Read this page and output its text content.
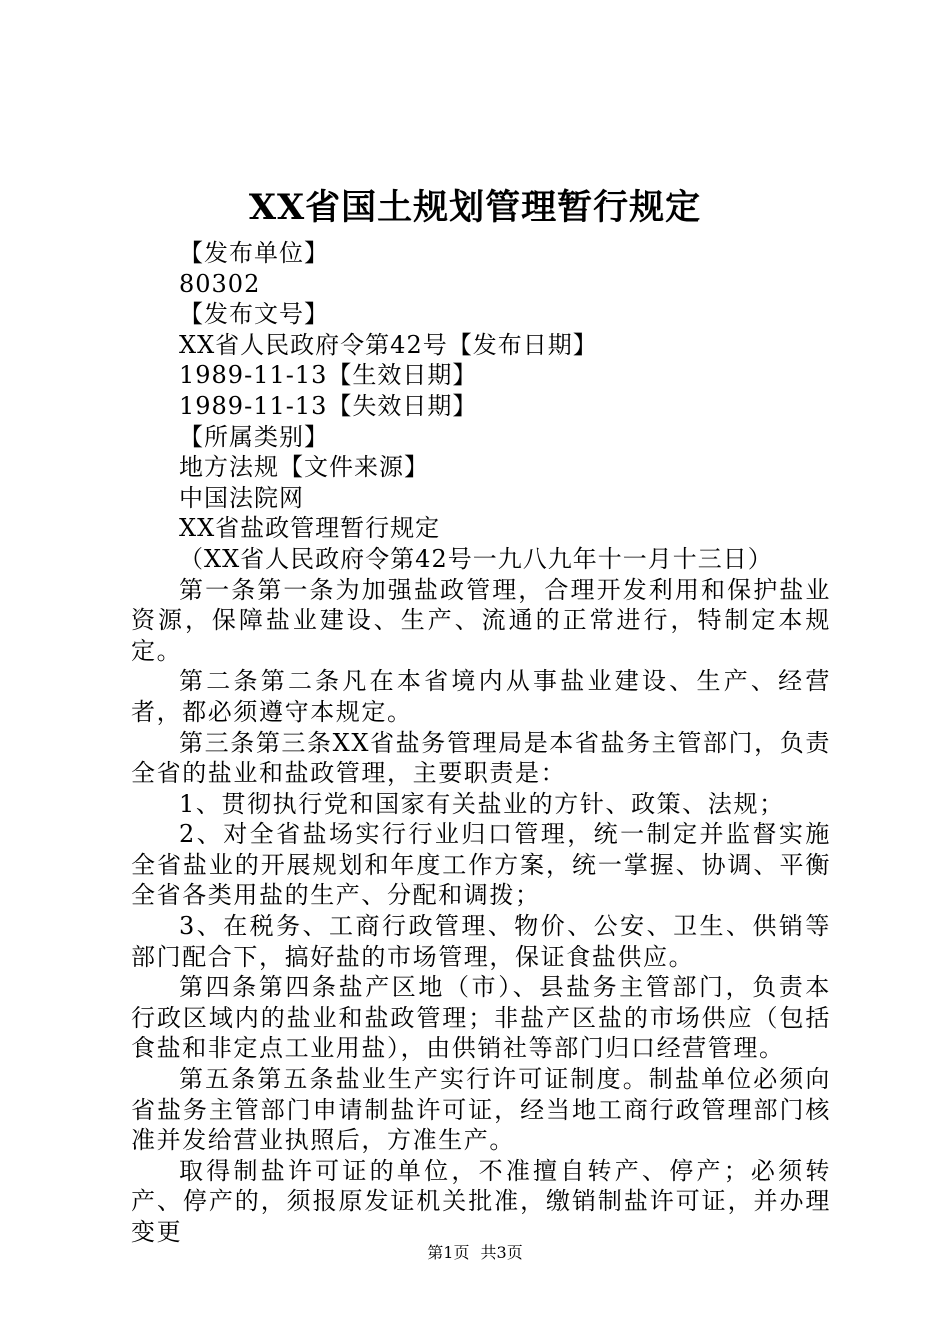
XX省国土规划管理暂行规定
【发布单位】
80302
【发布文号】
XX省人民政府令第42号【发布日期】
1989-11-13【生效日期】
1989-11-13【失效日期】
【所属类别】
地方法规【文件来源】
中国法院网
XX省盐政管理暂行规定
（XX省人民政府令第42号一九八九年十一月十三日）
第一条第一条为加强盐政管理，合理开发利用和保护盐业资源，保障盐业建设、生产、流通的正常进行，特制定本规定。
第二条第二条凡在本省境内从事盐业建设、生产、经营者，都必须遵守本规定。
第三条第三条XX省盐务管理局是本省盐务主管部门，负责全省的盐业和盐政管理，主要职责是：
1、贯彻执行党和国家有关盐业的方针、政策、法规；
2、对全省盐场实行行业归口管理，统一制定并监督实施全省盐业的开展规划和年度工作方案，统一掌握、协调、平衡全省各类用盐的生产、分配和调拨；
3、在税务、工商行政管理、物价、公安、卫生、供销等部门配合下，搞好盐的市场管理，保证食盐供应。
第四条第四条盐产区地（市）、县盐务主管部门，负责本行政区域内的盐业和盐政管理；非盐产区盐的市场供应（包括食盐和非定点工业用盐），由供销社等部门归口经营管理。
第五条第五条盐业生产实行许可证制度。制盐单位必须向省盐务主管部门申请制盐许可证，经当地工商行政管理部门核准并发给营业执照后，方准生产。
取得制盐许可证的单位，不准擅自转产、停产；必须转产、停产的，须报原发证机关批准，缴销制盐许可证，并办理变更
第1页 共3页
